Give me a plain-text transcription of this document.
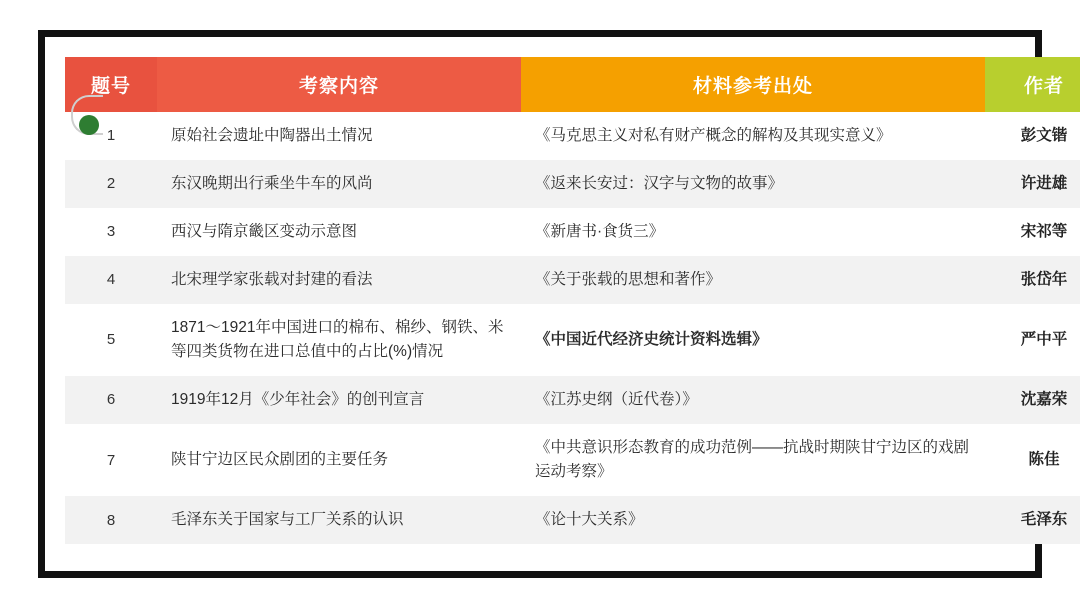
题号	考察内容	材料参考出处	作者
1	原始社会遗址中陶器出土情况	《马克思主义对私有财产概念的解构及其现实意义》	彭文锴
2	东汉晚期出行乘坐牛车的风尚	《返来长安过：汉字与文物的故事》	许进雄
3	西汉与隋京畿区变动示意图	《新唐书·食货三》	宋祁等
4	北宋理学家张载对封建的看法	《关于张载的思想和著作》	张岱年
5	1871～1921年中国进口的棉布、棉纱、钢铁、米等四类货物在进口总值中的占比(%)情况	《中国近代经济史统计资料选辑》	严中平
6	1919年12月《少年社会》的创刊宣言	《江苏史纲（近代卷）》	沈嘉荣
7	陕甘宁边区民众剧团的主要任务	《中共意识形态教育的成功范例——抗战时期陕甘宁边区的戏剧运动考察》	陈佳
8	毛泽东关于国家与工厂关系的认识	《论十大关系》	毛泽东
